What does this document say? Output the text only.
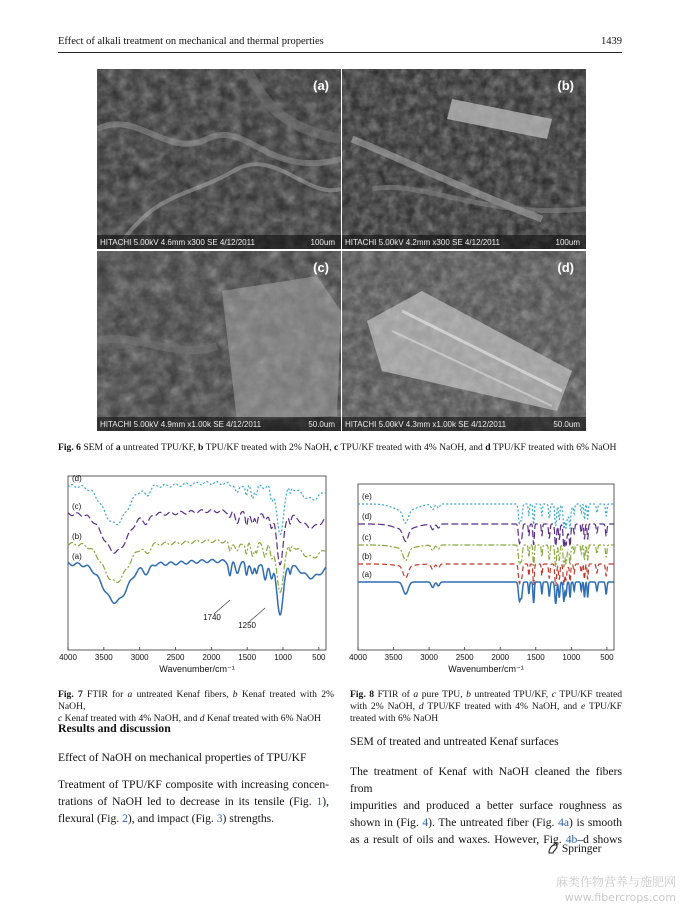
Effect of alkali treatment on mechanical and thermal properties	1439
(a)
HITACHI 5.00kV 4.6mm x300 SE 4/12/2011	100um
(b)
HITACHI 5.00kV 4.2mm x300 SE 4/12/2011	100um
(c)
HITACHI 5.00kV 4.9mm x1.00k SE 4/12/2011	50.0um
(d)
HITACHI 5.00kV 4.3mm x1.00k SE 4/12/2011	50.0um
Fig. 6 SEM of a untreated TPU/KF, b TPU/KF treated with 2% NaOH, c TPU/KF treated with 4% NaOH, and d TPU/KF treated with 6% NaOH
4000 3500 3000 2500 2000 1500 1000	500
Wavenumber/cm⁻¹
(a)
(b)
(c)
(d)
1740
1250
4000 3500 3000 2500 2000 1500 1000 500
Wavenumber/cm⁻¹
(a)
(b)
(c)
(d)
(e)
Fig. 7 FTIR for a untreated Kenaf fibers, b Kenaf treated with 2% NaOH,
c Kenaf treated with 4% NaOH, and d Kenaf treated with 6% NaOH
Fig. 8 FTIR of a pure TPU, b untreated TPU/KF, c TPU/KF treated
with 2% NaOH, d TPU/KF treated with 4% NaOH, and e TPU/KF
treated with 6% NaOH
Results and discussion
Effect of NaOH on mechanical properties of TPU/KF
Treatment of TPU/KF composite with increasing concen-
trations of NaOH led to decrease in its tensile (Fig. 1),
flexural (Fig. 2), and impact (Fig. 3) strengths.
SEM of treated and untreated Kenaf surfaces
The treatment of Kenaf with NaOH cleaned the fibers from
impurities and produced a better surface roughness as
shown in (Fig. 4). The untreated fiber (Fig. 4a) is smooth
as a result of oils and waxes. However, Fig. 4b–d shows
Springer
麻类作物营养与施肥网
www.fibercrops.com
